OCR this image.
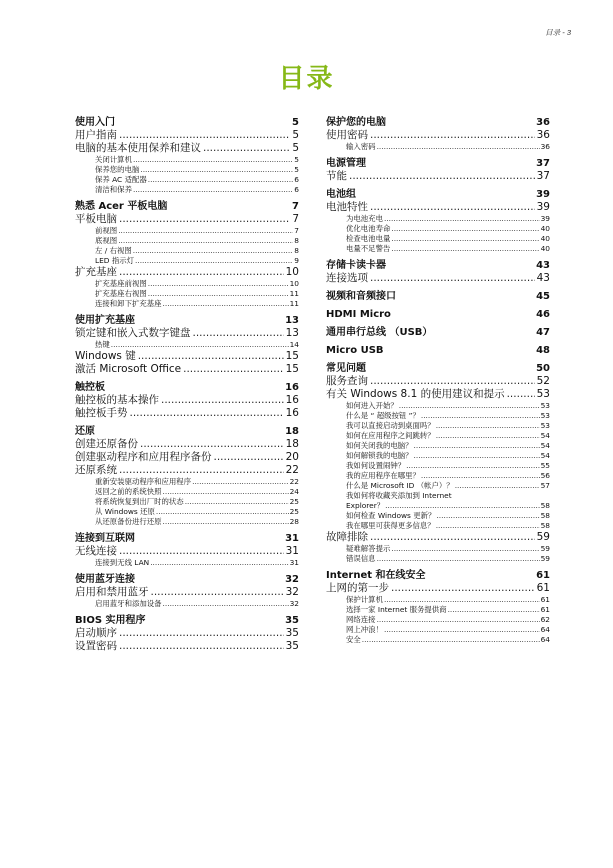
目录 - 3
目录
使用入门	5
用户指南 .....	5
电脑的基本使用保养和建议 .....	5
关闭计算机 .....	5
保养您的电脑 .....	5
保养 AC 适配器 .....	6
清洁和保养 .....	6
熟悉 Acer 平板电脑	7
平板电脑 .....	7
前视图 .....	7
底视图 .....	8
左 / 右视图 .....	8
LED 指示灯 .....	9
扩充基座 .....	10
扩充基座前视图 .....	10
扩充基座右视图 .....	11
连接和卸下扩充基座 .....	11
使用扩充基座	13
锁定键和嵌入式数字键盘 .....	13
热键 .....	14
Windows 键 .....	15
激活 Microsoft Office .....	15
触控板	16
触控板的基本操作 .....	16
触控板手势 .....	16
还原	18
创建还原备份 .....	18
创建驱动程序和应用程序备份 .....	20
还原系统 .....	22
重新安装驱动程序和应用程序 .....	22
返回之前的系统快照 .....	24
将系统恢复到出厂时的状态 .....	25
从 Windows 还原 .....	25
从还原备份进行还原 .....	28
连接到互联网	31
无线连接 .....	31
连接到无线 LAN .....	31
使用蓝牙连接	32
启用和禁用蓝牙 .....	32
启用蓝牙和添加设备 .....	32
BIOS 实用程序	35
启动顺序 .....	35
设置密码 .....	35
保护您的电脑	36
使用密码 .....	36
输入密码 .....	36
电源管理	37
节能 .....	37
电池组	39
电池特性 .....	39
为电池充电 .....	39
优化电池寿命 .....	40
检查电池电量 .....	40
电量不足警告 .....	40
存储卡读卡器	43
连接选项 .....	43
视频和音频接口	45
HDMI Micro	46
通用串行总线 （USB）	47
Micro USB	48
常见问题	50
服务查询 .....	52
有关 Windows 8.1 的使用建议和提示 .....	53
如何进入开始？ .....	53
什么是 “ 超级按钮 ”？ .....	53
我可以直接启动到桌面吗？ .....	53
如何在应用程序之间跳转？ .....	54
如何关闭我的电脑？ .....	54
如何解锁我的电脑？ .....	54
我如何设置闹钟？ .....	55
我的应用程序在哪里？ .....	56
什么是 Microsoft ID （帐户）？ .....	57
我如何将收藏夹添加到 Internet
Explorer？ .....	58
如何检查 Windows 更新？ .....	58
我在哪里可获得更多信息？ .....	58
故障排除 .....	59
疑难解答提示 .....	59
错误信息 .....	59
Internet 和在线安全	61
上网的第一步 .....	61
保护计算机 .....	61
选择一家 Internet 服务提供商 .....	61
网络连接 .....	62
网上冲浪！ .....	64
安全 .....	64
